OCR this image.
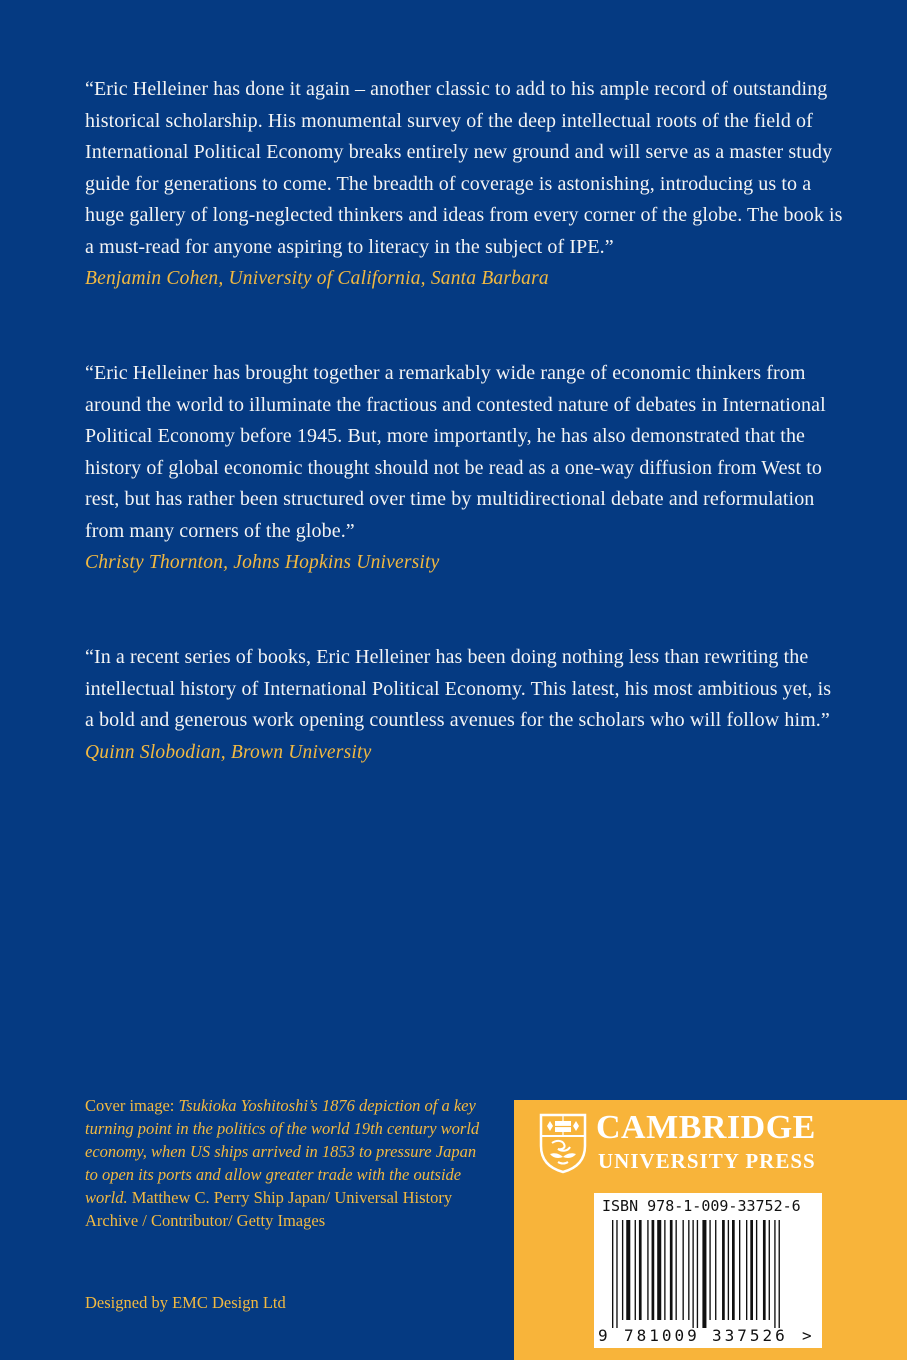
“Eric Helleiner has done it again – another classic to add to his ample record of outstanding historical scholarship. His monumental survey of the deep intellectual roots of the field of International Political Economy breaks entirely new ground and will serve as a master study guide for generations to come. The breadth of coverage is astonishing, introducing us to a huge gallery of long-neglected thinkers and ideas from every corner of the globe. The book is a must-read for anyone aspiring to literacy in the subject of IPE.”

Benjamin Cohen, University of California, Santa Barbara

“Eric Helleiner has brought together a remarkably wide range of economic thinkers from around the world to illuminate the fractious and contested nature of debates in International Political Economy before 1945. But, more importantly, he has also demonstrated that the history of global economic thought should not be read as a one-way diffusion from West to rest, but has rather been structured over time by multidirectional debate and reformulation from many corners of the globe.”

Christy Thornton, Johns Hopkins University

“In a recent series of books, Eric Helleiner has been doing nothing less than rewriting the intellectual history of International Political Economy. This latest, his most ambitious yet, is a bold and generous work opening countless avenues for the scholars who will follow him.”

Quinn Slobodian, Brown University

Cover image: Tsukioka Yoshitoshi’s 1876 depiction of a key turning point in the politics of the world 19th century world economy, when US ships arrived in 1853 to pressure Japan to open its ports and allow greater trade with the outside world. Matthew C. Perry Ship Japan/ Universal History Archive / Contributor/ Getty Images
Designed by EMC Design Ltd
CAMBRIDGE
UNIVERSITY PRESS
ISBN 978-1-009-33752-6
9 781009 337526 >
